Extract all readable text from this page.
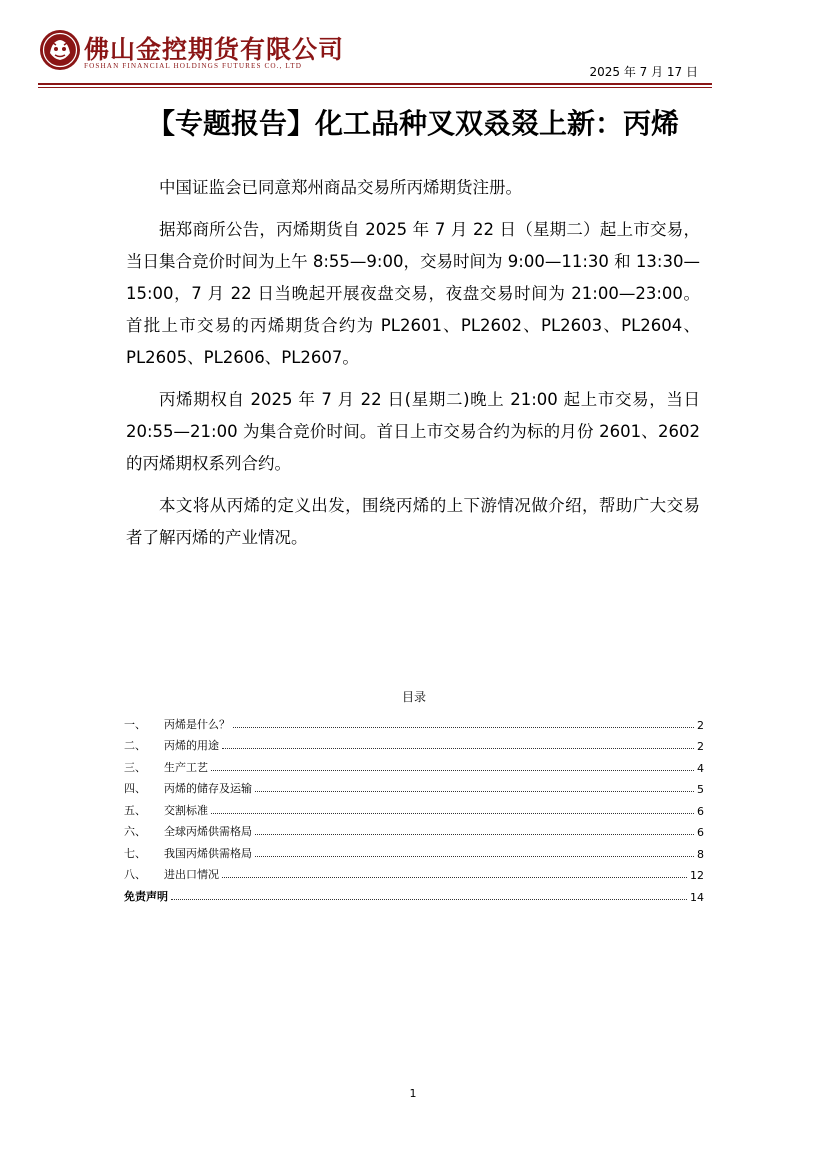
佛山金控期货有限公司
FOSHAN FINANCIAL HOLDINGS FUTURES CO., LTD	2025 年 7 月 17 日
【专题报告】化工品种叉双叒叕上新：丙烯

中国证监会已同意郑州商品交易所丙烯期货注册。

据郑商所公告，丙烯期货自 2025 年 7 月 22 日（星期二）起上市交易，当日集合竞价时间为上午 8:55—9:00，交易时间为 9:00—11:30 和 13:30—15:00，7 月 22 日当晚起开展夜盘交易，夜盘交易时间为 21:00—23:00。首批上市交易的丙烯期货合约为 PL2601、PL2602、PL2603、PL2604、PL2605、PL2606、PL2607。

丙烯期权自 2025 年 7 月 22 日(星期二)晚上 21:00 起上市交易，当日 20:55—21:00 为集合竞价时间。首日上市交易合约为标的月份 2601、2602 的丙烯期权系列合约。

本文将从丙烯的定义出发，围绕丙烯的上下游情况做介绍，帮助广大交易者了解丙烯的产业情况。

目录
一、	丙烯是什么？	2
二、	丙烯的用途	2
三、	生产工艺	4
四、	丙烯的储存及运输	5
五、	交割标准	6
六、	全球丙烯供需格局	6
七、	我国丙烯供需格局	8
八、	进出口情况	12
免责声明	14
1
